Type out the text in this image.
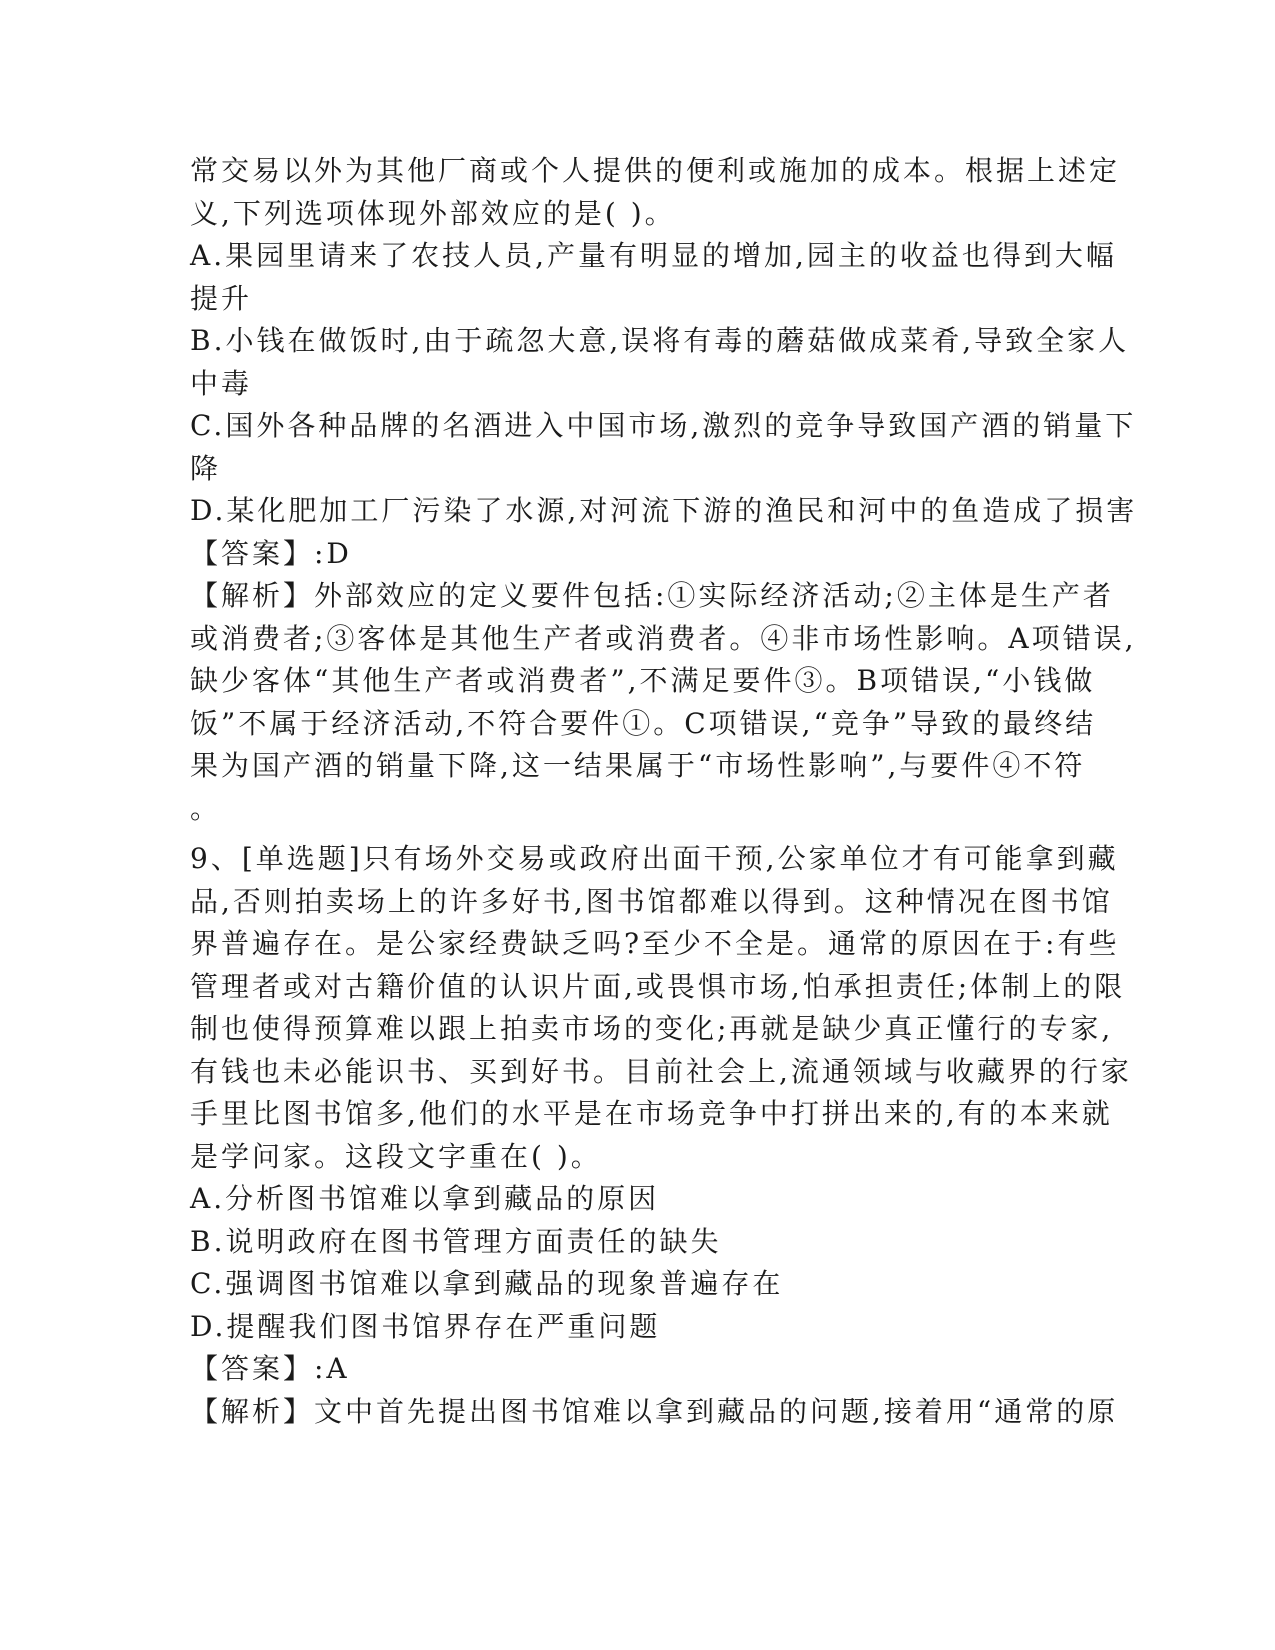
常交易以外为其他厂商或个人提供的便利或施加的成本。根据上述定
义,下列选项体现外部效应的是( )。
A.果园里请来了农技人员,产量有明显的增加,园主的收益也得到大幅
提升
B.小钱在做饭时,由于疏忽大意,误将有毒的蘑菇做成菜肴,导致全家人
中毒
C.国外各种品牌的名酒进入中国市场,激烈的竞争导致国产酒的销量下
降
D.某化肥加工厂污染了水源,对河流下游的渔民和河中的鱼造成了损害
【答案】:D
【解析】外部效应的定义要件包括:①实际经济活动;②主体是生产者
或消费者;③客体是其他生产者或消费者。④非市场性影响。A项错误,
缺少客体“其他生产者或消费者”,不满足要件③。B项错误,“小钱做
饭”不属于经济活动,不符合要件①。C项错误,“竞争”导致的最终结
果为国产酒的销量下降,这一结果属于“市场性影响”,与要件④不符
。
9、[单选题]只有场外交易或政府出面干预,公家单位才有可能拿到藏
品,否则拍卖场上的许多好书,图书馆都难以得到。这种情况在图书馆
界普遍存在。是公家经费缺乏吗?至少不全是。通常的原因在于:有些
管理者或对古籍价值的认识片面,或畏惧市场,怕承担责任;体制上的限
制也使得预算难以跟上拍卖市场的变化;再就是缺少真正懂行的专家,
有钱也未必能识书、买到好书。目前社会上,流通领域与收藏界的行家
手里比图书馆多,他们的水平是在市场竞争中打拼出来的,有的本来就
是学问家。这段文字重在( )。
A.分析图书馆难以拿到藏品的原因
B.说明政府在图书管理方面责任的缺失
C.强调图书馆难以拿到藏品的现象普遍存在
D.提醒我们图书馆界存在严重问题
【答案】:A
【解析】文中首先提出图书馆难以拿到藏品的问题,接着用“通常的原
